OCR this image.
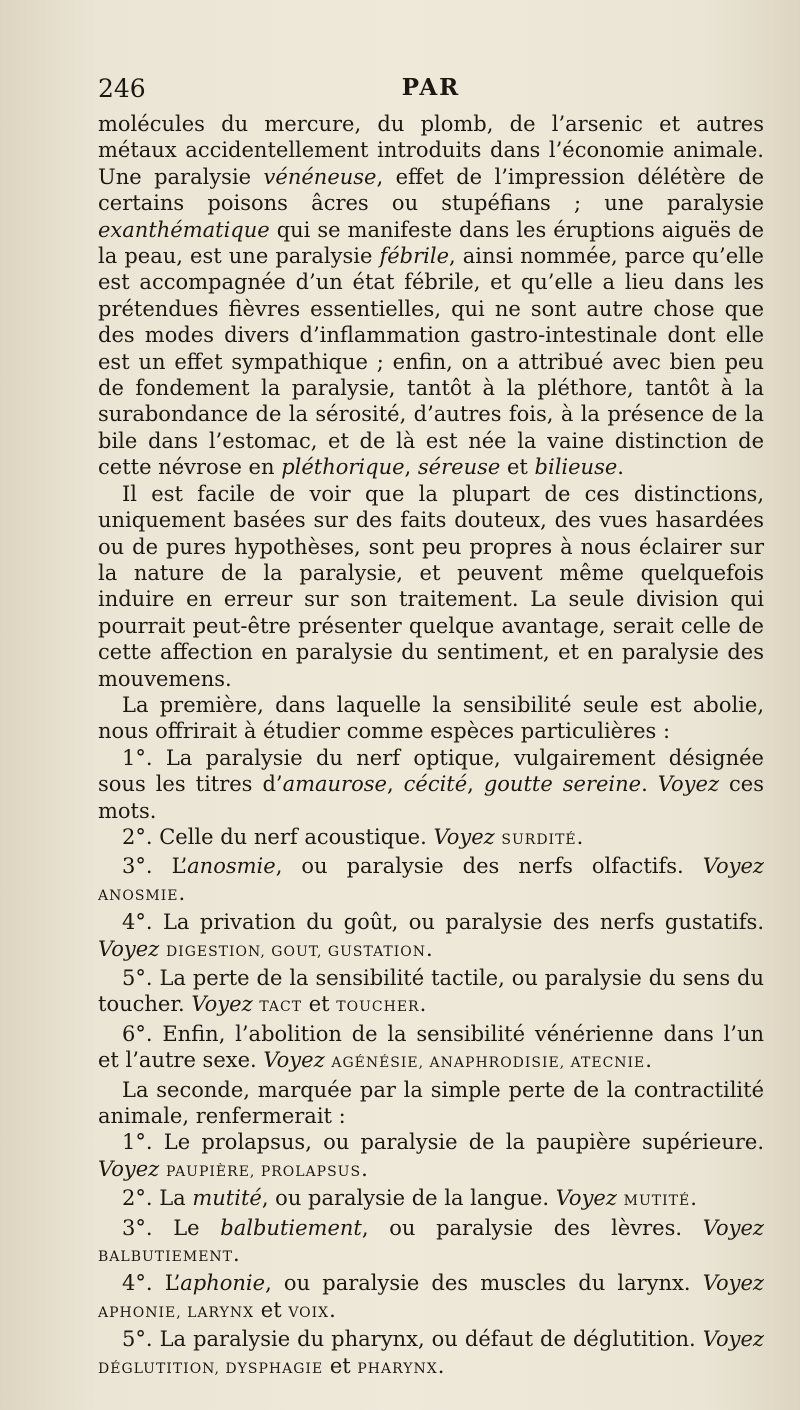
246	PAR

molécules du mercure, du plomb, de l’arsenic et autres métaux accidentellement introduits dans l’économie animale. Une paralysie vénéneuse, effet de l’impression délétère de certains poisons âcres ou stupéfians ; une paralysie exanthématique qui se manifeste dans les éruptions aiguës de la peau, est une paralysie fébrile, ainsi nommée, parce qu’elle est accompagnée d’un état fébrile, et qu’elle a lieu dans les prétendues fièvres essentielles, qui ne sont autre chose que des modes divers d’inflammation gastro-intestinale dont elle est un effet sympathique ; enfin, on a attribué avec bien peu de fondement la paralysie, tantôt à la pléthore, tantôt à la surabondance de la sérosité, d’autres fois, à la présence de la bile dans l’estomac, et de là est née la vaine distinction de cette névrose en pléthorique, séreuse et bilieuse.

Il est facile de voir que la plupart de ces distinctions, uniquement basées sur des faits douteux, des vues hasardées ou de pures hypothèses, sont peu propres à nous éclairer sur la nature de la paralysie, et peuvent même quelquefois induire en erreur sur son traitement. La seule division qui pourrait peut-être présenter quelque avantage, serait celle de cette affection en paralysie du sentiment, et en paralysie des mouvemens.

La première, dans laquelle la sensibilité seule est abolie, nous offrirait à étudier comme espèces particulières :

1°. La paralysie du nerf optique, vulgairement désignée sous les titres d’amaurose, cécité, goutte sereine. Voyez ces mots.

2°. Celle du nerf acoustique. Voyez SURDITÉ.

3°. L’anosmie, ou paralysie des nerfs olfactifs. Voyez ANOSMIE.

4°. La privation du goût, ou paralysie des nerfs gustatifs. Voyez DIGESTION, GOUT, GUSTATION.

5°. La perte de la sensibilité tactile, ou paralysie du sens du toucher. Voyez TACT et TOUCHER.

6°. Enfin, l’abolition de la sensibilité vénérienne dans l’un et l’autre sexe. Voyez AGÉNÉSIE, ANAPHRODISIE, ATECNIE.

La seconde, marquée par la simple perte de la contractilité animale, renfermerait :

1°. Le prolapsus, ou paralysie de la paupière supérieure. Voyez PAUPIÈRE, PROLAPSUS.

2°. La mutité, ou paralysie de la langue. Voyez MUTITÉ.

3°. Le balbutiement, ou paralysie des lèvres. Voyez BALBUTIEMENT.

4°. L’aphonie, ou paralysie des muscles du larynx. Voyez APHONIE, LARYNX et VOIX.

5°. La paralysie du pharynx, ou défaut de déglutition. Voyez DÉGLUTITION, DYSPHAGIE et PHARYNX.
